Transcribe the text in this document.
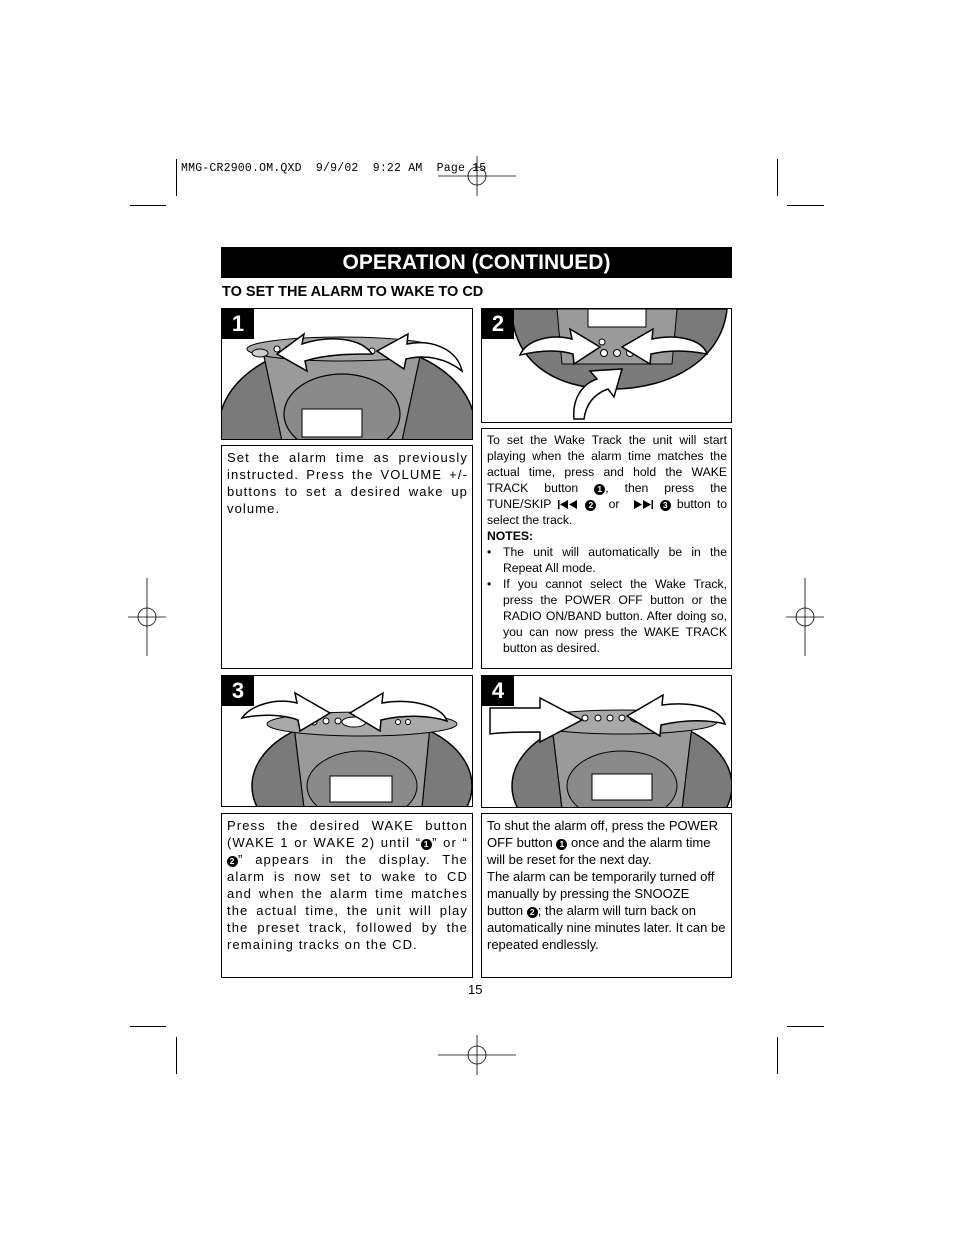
MMG-CR2900.OM.QXD  9/9/02  9:22 AM  Page 15
OPERATION (CONTINUED)
TO SET THE ALARM TO WAKE TO CD
1	2
Set the alarm time as previously instructed. Press the VOLUME +/- buttons to set a desired wake up volume.
To set the Wake Track the unit will start playing when the alarm time matches the actual time, press and hold the WAKE TRACK button 1 , then press the TUNE/SKIP	2 or	3 button to select the track.
NOTES:
• The unit will automatically be in the Repeat All mode.
• If you cannot select the Wake Track, press the POWER OFF button or the RADIO ON/BAND button. After doing so, you can now press the WAKE TRACK button as desired.
3	4
Press the desired WAKE button (WAKE 1 or WAKE 2) until “ 1 ” or “2 ” appears in the display. The alarm is now set to wake to CD and when the alarm time matches the actual time, the unit will play the preset track, followed by the remaining tracks on the CD.
To shut the alarm off, press the POWER OFF button 1 once and the alarm time will be reset for the next day.
The alarm can be temporarily turned off manually by pressing the SNOOZE button 2 ; the alarm will turn back on automatically nine minutes later. It can be repeated endlessly.
15
